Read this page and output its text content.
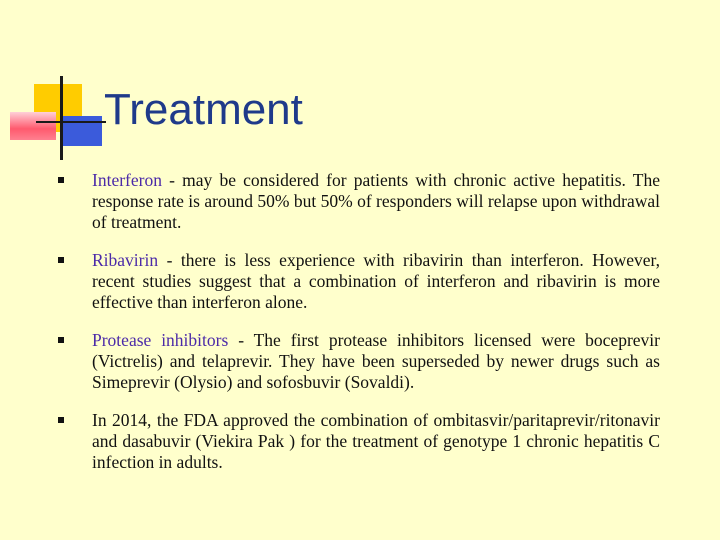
Treatment
Interferon - may be considered for patients with chronic active hepatitis. The response rate is around 50% but 50% of responders will relapse upon withdrawal of treatment.
Ribavirin - there is less experience with ribavirin than interferon. However, recent studies suggest that a combination of interferon and ribavirin is more effective than interferon alone.
Protease inhibitors - The first protease inhibitors licensed were boceprevir (Victrelis) and telaprevir. They have been superseded by newer drugs such as Simeprevir (Olysio) and sofosbuvir (Sovaldi).
In 2014, the FDA approved the combination of ombitasvir/paritaprevir/ritonavir and dasabuvir (Viekira Pak ) for the treatment of genotype 1 chronic hepatitis C infection in adults.
